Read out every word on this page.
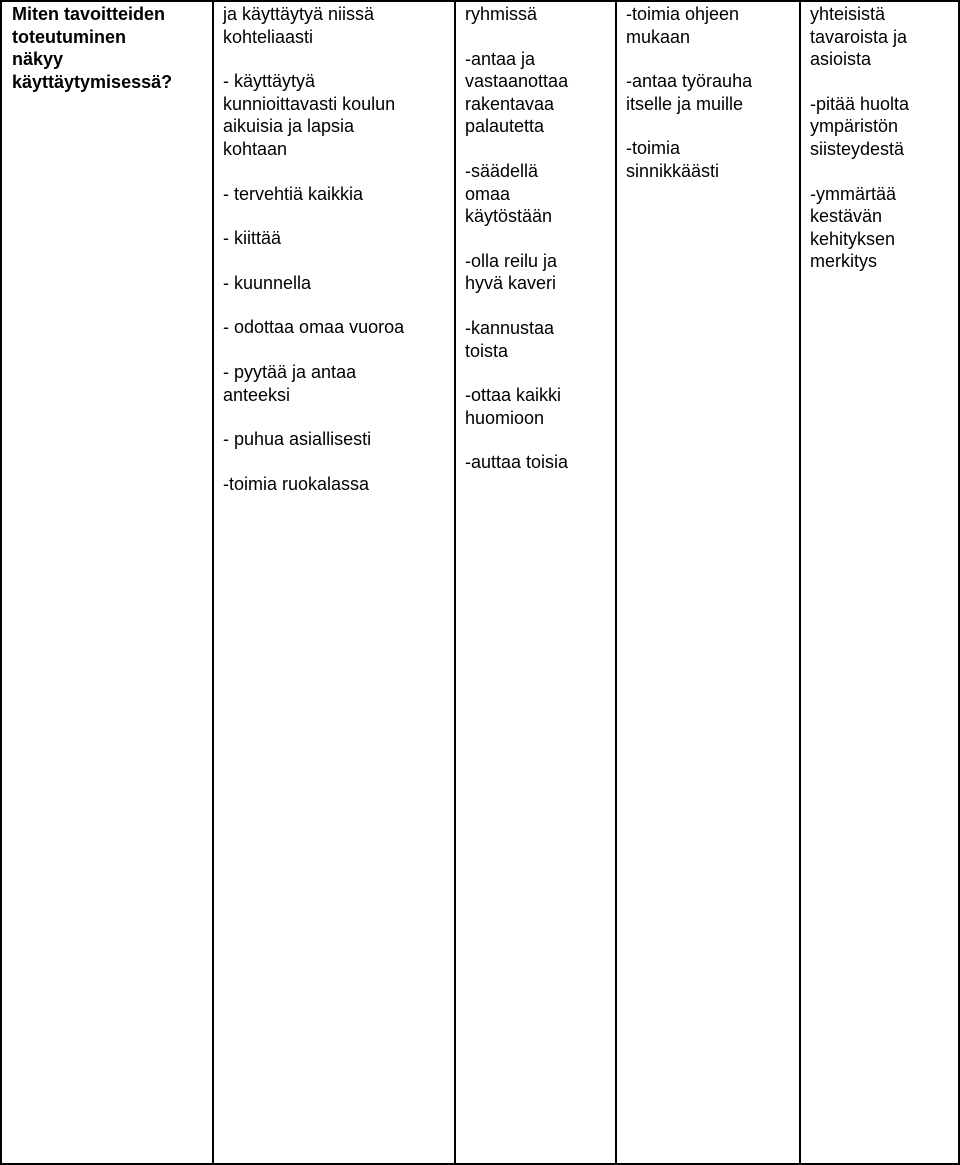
Miten tavoitteiden
toteutuminen
näkyy
käyttäytymisessä?

ja käyttäytyä niissä
kohteliaasti
- käyttäytyä
kunnioittavasti koulun
aikuisia ja lapsia
kohtaan
- tervehtiä kaikkia
- kiittää
- kuunnella
- odottaa omaa vuoroa
- pyytää ja antaa
anteeksi
- puhua asiallisesti
-toimia ruokalassa
ryhmissä
-antaa ja
vastaanottaa
rakentavaa
palautetta
-säädellä
omaa
käytöstään
-olla reilu ja
hyvä kaveri
-kannustaa
toista
-ottaa kaikki
huomioon
-auttaa toisia
-toimia ohjeen
mukaan
-antaa työrauha
itselle ja muille
-toimia
sinnikkäästi
yhteisistä
tavaroista ja
asioista
-pitää huolta
ympäristön
siisteydestä
-ymmärtää
kestävän
kehityksen
merkitys
